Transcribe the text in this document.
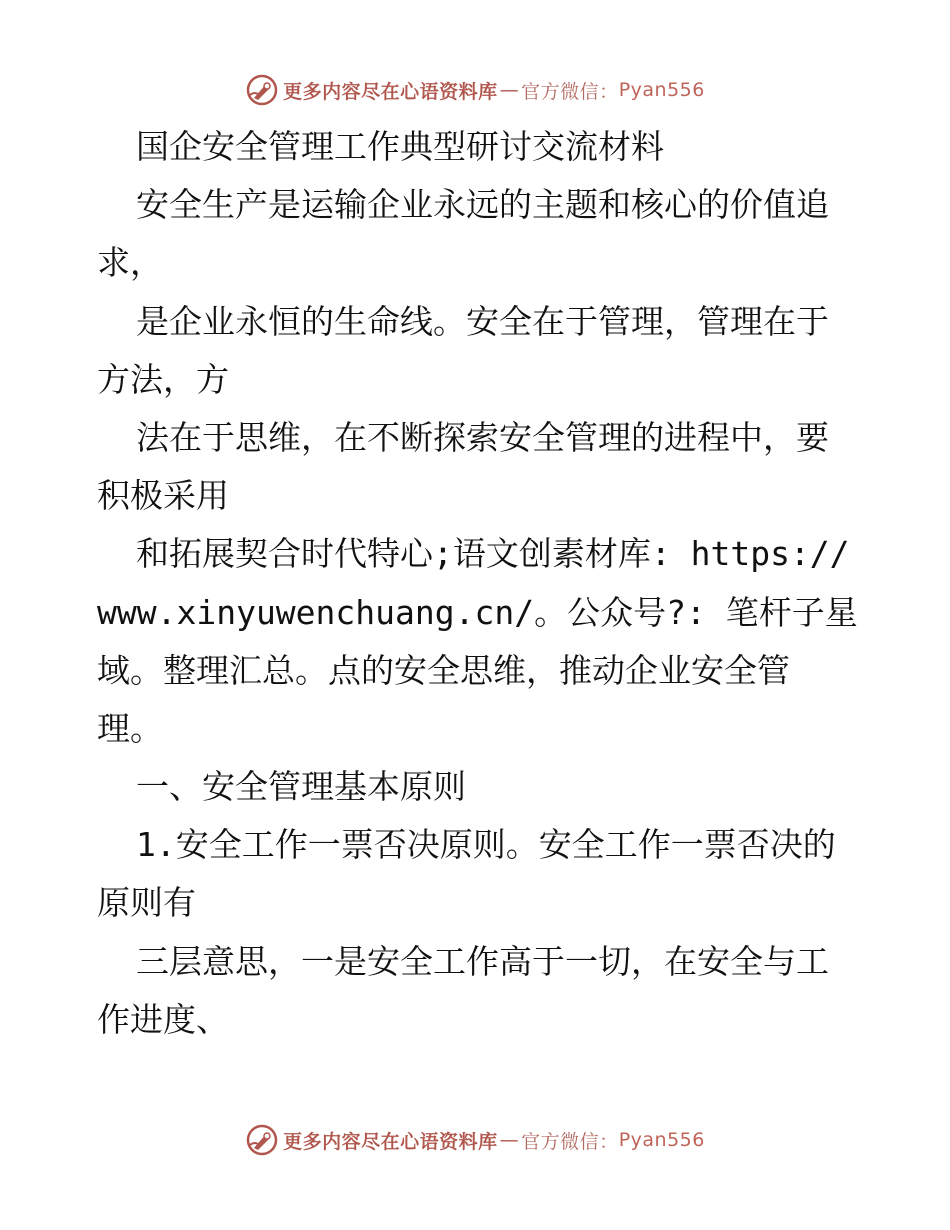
更多内容尽在心语资料库 — 官方微信： Pyan556
国企安全管理工作典型研讨交流材料
安全生产是运输企业永远的主题和核心的价值追
求，
是企业永恒的生命线。安全在于管理，管理在于
方法，方
法在于思维，在不断探索安全管理的进程中，要
积极采用
和拓展契合时代特心;语文创素材库: https://
www.xinyuwenchuang.cn/。公众号?: 笔杆子星
域。整理汇总。点的安全思维，推动企业安全管
理。
一、安全管理基本原则
1.安全工作一票否决原则。安全工作一票否决的
原则有
三层意思，一是安全工作高于一切，在安全与工
作进度、
更多内容尽在心语资料库 — 官方微信： Pyan556
